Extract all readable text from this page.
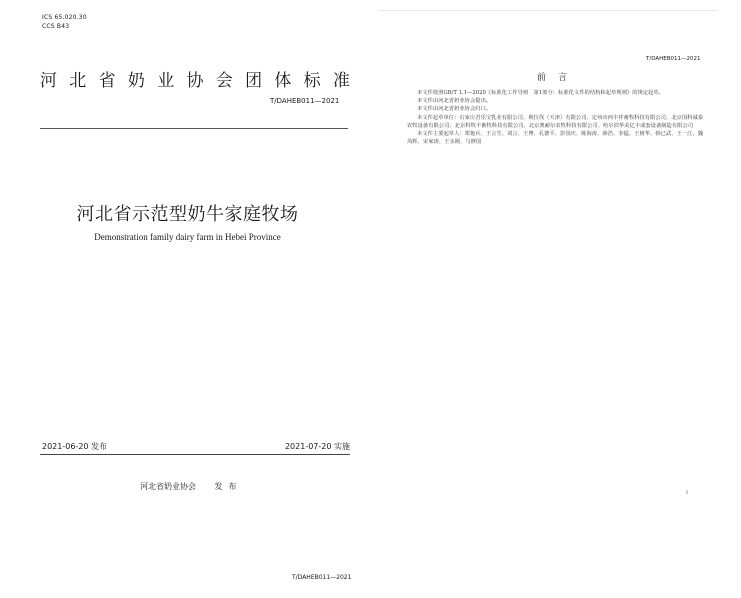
ICS 65.020.30
CCS B43
河 北 省 奶 业 协 会 团 体 标 准
T/DAHEB011—2021
河北省示范型奶牛家庭牧场
Demonstration family dairy farm in Hebei Province
2021-06-20 发布	2021-07-20 实施
河北省奶业协会 发布
T/DAHEB011—2021
T/DAHEB011—2021
前言

本文件按照GB/T 1.1—2020《标准化工作导则　第1部分：标准化文件的结构和起草规则》的规定起草。

本文件由河北省奶业协会提出。

本文件由河北省奶业协会归口。

本文件起草单位：石家庄君乐宝乳业有限公司、利拉伐（天津）有限公司、定州市西丰祥畜牧科技有限公司、北京国科诚泰农牧设备有限公司、北京科牧丰畜牧科技有限公司、北京奥耐尔农牧科技有限公司、哈尔滨华美亿丰成套设备制造有限公司

本文件主要起草人：郑艳兵、王言生、刘言、王博、孔德平、彭国庆、陈海涛、薛浩、李猛、王树华、韩已武、王一江、魏凤辉、宋家涛、王永刚、马修国

I
